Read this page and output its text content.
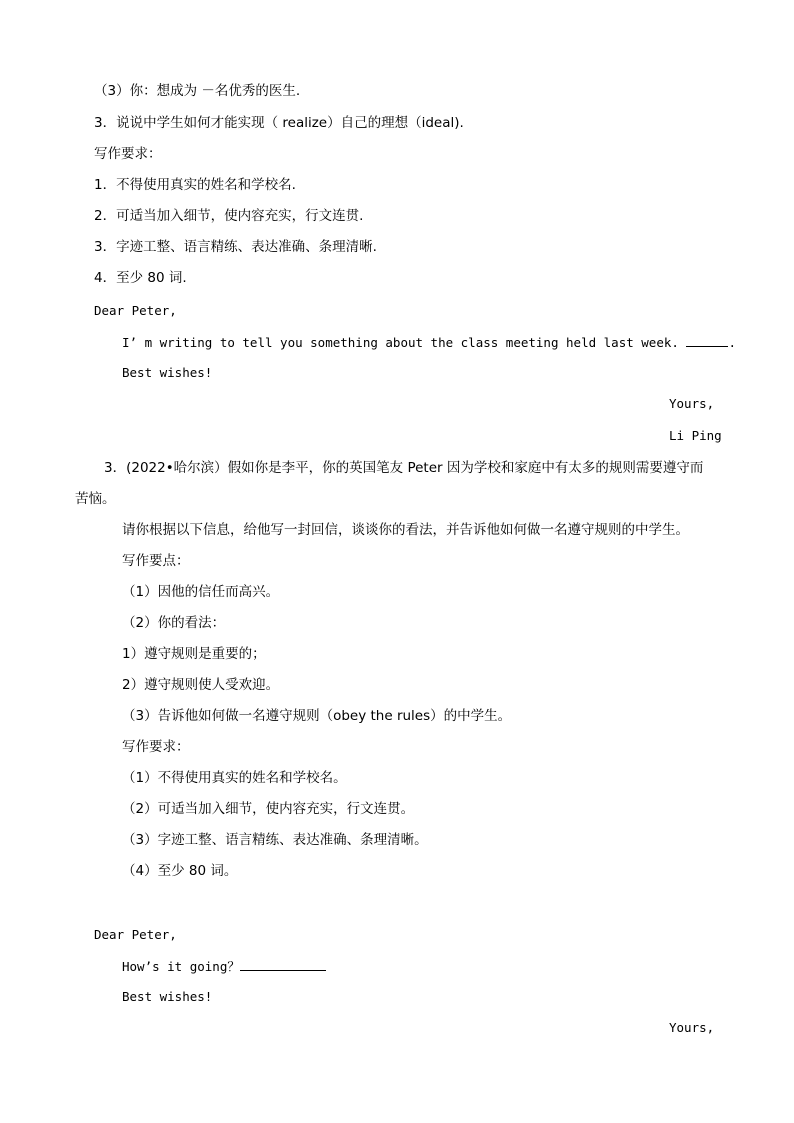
（3）你：想成为 －名优秀的医生.
3．说说中学生如何才能实现（ realize）自己的理想（ideal).
写作要求：
1．不得使用真实的姓名和学校名.
2．可适当加入细节，使内容充实，行文连贯.
3．字迹工整、语言精练、表达准确、条理清晰.
4．至少 80 词.
Dear Peter,
I’ m writing to tell you something about the class meeting held last week.	.
Best wishes!
Yours,
Li Ping
3．(2022•哈尔滨）假如你是李平，你的英国笔友 Peter 因为学校和家庭中有太多的规则需要遵守而
苦恼。
请你根据以下信息，给他写一封回信，谈谈你的看法，并告诉他如何做一名遵守规则的中学生。
写作要点：
（1）因他的信任而高兴。
（2）你的看法：
1）遵守规则是重要的；
2）遵守规则使人受欢迎。
（3）告诉他如何做一名遵守规则（obey the rules）的中学生。
写作要求：
（1）不得使用真实的姓名和学校名。
（2）可适当加入细节，使内容充实，行文连贯。
（3）字迹工整、语言精练、表达准确、条理清晰。
（4）至少 80 词。
Dear Peter,
How’s it going？
Best wishes!
Yours,
